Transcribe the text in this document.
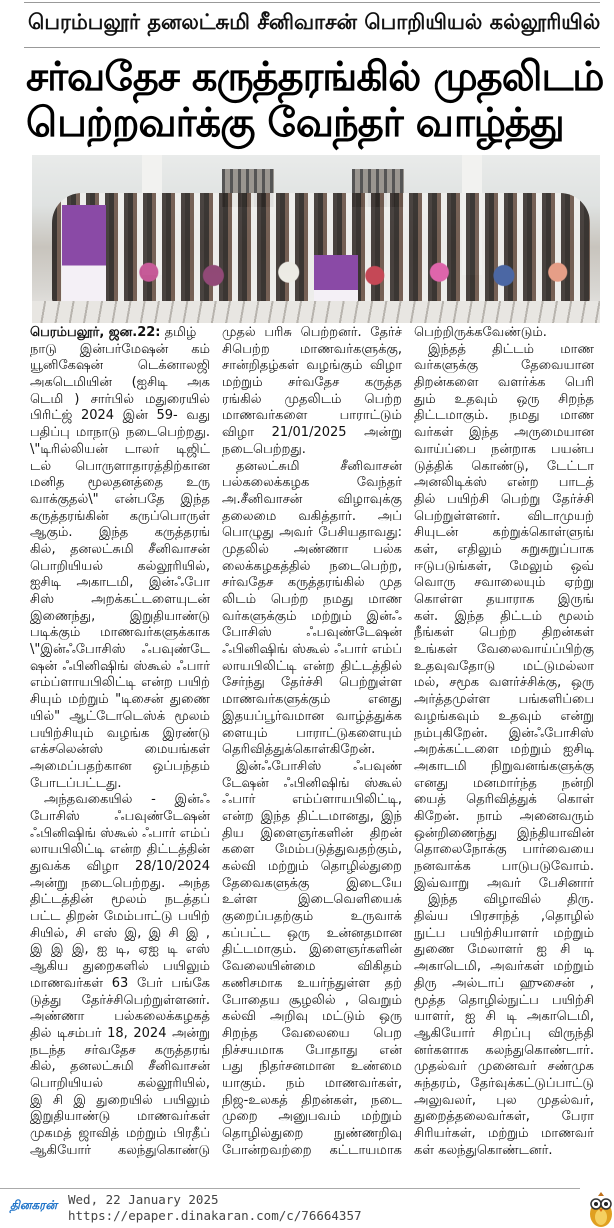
பெரம்பலூர் தனலட்சுமி சீனிவாசன் பொறியியல் கல்லூரியில்
சர்வதேச கருத்தரங்கில் முதலிடம்
பெற்றவர்க்கு வேந்தர் வாழ்த்து
பெரம்பலூர், ஜன.22: தமிழ்
நாடு இன்பர்மேஷன் கம்
யூனிகேஷன் டெக்னாலஜி
அகடெமியின் (ஐசிடி அக
டெமி ) சார்பில் மதுரையில்
பிரிட்ஜ் 2024 இன் 59- வது
பதிப்பு மாநாடு நடைபெற்றது.
\"டிரில்லியன் டாலர் டிஜிட்
டல் பொருளாதாரத்திற்கான
மனித மூலதனத்தை உரு
வாக்குதல்\" என்பதே இந்த
கருத்தரங்கின் கருப்பொருள்
ஆகும். இந்த கருத்தரங்
கில், தனலட்சுமி சீனிவாசன்
பொறியியல் கல்லூரியில்,
ஐசிடி அகாடமி, இன்ஃபோ
சிஸ் அறக்கட்டளையுடன்
இணைந்து, இறுதியாண்டு
படிக்கும் மாணவர்களுக்காக
\"இன்ஃபோசிஸ் ஃபவுண்டே
ஷன் ஃபினிஷிங் ஸ்கூல் ஃபார்
எம்ப்ளாயபிலிட்டி என்ற பயிற்
சியும் மற்றும் "டிசைன் துணை
யில்" ஆட்டோடெஸ்க் மூலம்
பயிற்சியும் வழங்க இரண்டு
எக்சலென்ஸ் மையங்கள்
அமைப்பதற்கான ஒப்பந்தம்
போடப்பட்டது.
அந்தவகையில் - இன்ஃ
போசிஸ் ஃபவுண்டேஷன்
ஃபினிஷிங் ஸ்கூல் ஃபார் எம்ப்
லாயபிலிட்டி என்ற திட்டத்தின்
துவக்க விழா 28/10/2024
அன்று நடைபெற்றது. அந்த
திட்டத்தின் மூலம் நடத்தப்
பட்ட திறன் மேம்பாட்டு பயிற்
சியில், சி எஸ் இ, இ சி இ ,
இ இ இ, ஐ டி, ஏஐ டி எஸ்
ஆகிய துறைகளில் பயிலும்
மாணவர்கள் 63 பேர் பங்கே
டுத்து தேர்ச்சிபெற்றுள்ளனர்.
அண்ணா பல்கலைக்கழகத்
தில் டிசம்பர் 18, 2024 அன்று
நடந்த சர்வதேச கருத்தரங்
கில், தனலட்சுமி சீனிவாசன்
பொறியியல் கல்லூரியில்,
இ சி இ துறையில் பயிலும்
இறுதியாண்டு மாணவர்கள்
முகமத் ஜாவித் மற்றும் பிரதீப்
ஆகியோர் கலந்துகொண்டு
முதல் பரிசு பெற்றனர். தேர்ச்
சிபெற்ற மாணவர்களுக்கு,
சான்றிதழ்கள் வழங்கும் விழா
மற்றும் சர்வதேச கருத்த
ரங்கில் முதலிடம் பெற்ற
மாணவர்களை பாராட்டும்
விழா 21/01/2025 அன்று
நடைபெற்றது.
தனலட்சுமி சீனிவாசன்
பல்கலைக்கழக வேந்தர்
அ.சீனிவாசன் விழாவுக்கு
தலைமை வகித்தார். அப்
பொழுது அவர் பேசியதாவது:
முதலில் அண்ணா பல்க
லைக்கழகத்தில் நடைபெற்ற,
சர்வதேச கருத்தரங்கில் முத
லிடம் பெற்ற நமது மாண
வர்களுக்கும் மற்றும் இன்ஃ
போசிஸ் ஃபவுண்டேஷன்
ஃபினிஷிங் ஸ்கூல் ஃபார் எம்ப்
லாயபிலிட்டி என்ற திட்டத்தில்
சேர்ந்து தேர்ச்சி பெற்றுள்ள
மாணவர்களுக்கும் எனது
இதயப்பூர்வமான வாழ்த்துக்க
ளையும் பாராட்டுகளையும்
தெரிவித்துக்கொள்கிறேன்.
இன்ஃபோசிஸ் ஃபவுண்
டேஷன் ஃபினிஷிங் ஸ்கூல்
ஃபார் எம்ப்ளாயபிலிட்டி,
என்ற இந்த திட்டமானது, இந்
திய இளைஞர்களின் திறன்
களை மேம்படுத்துவதற்கும்,
கல்வி மற்றும் தொழில்துறை
தேவைகளுக்கு இடையே
உள்ள இடைவெளியைக்
குறைப்பதற்கும் உருவாக்
கப்பட்ட ஒரு உன்னதமான
திட்டமாகும். இளைஞர்களின்
வேலையின்மை விகிதம்
கணிசமாக உயர்ந்துள்ள தற்
போதைய சூழலில் , வெறும்
கல்வி அறிவு மட்டும் ஒரு
சிறந்த வேலையை பெற
நிச்சயமாக போதாது என்
பது நிதர்சனமான உண்மை
யாகும். நம் மாணவர்கள்,
நிஜ-உலகத் திறன்கள், நடை
முறை அனுபவம் மற்றும்
தொழில்துறை நுண்ணறிவு
போன்றவற்றை கட்டாயமாக
பெற்றிருக்கவேண்டும்.
இந்தத் திட்டம் மாண
வர்களுக்கு தேவையான
திறன்களை வளர்க்க பெரி
தும் உதவும் ஒரு சிறந்த
திட்டமாகும். நமது மாண
வர்கள் இந்த அருமையான
வாய்ப்பை நன்றாக பயன்ப
டுத்திக் கொண்டு, டேட்டா
அனலிடிக்ஸ் என்ற பாடத்
தில் பயிற்சி பெற்று தேர்ச்சி
பெற்றுள்ளனர். விடாமுயற்
சியுடன் கற்றுக்கொள்ளுங்
கள், எதிலும் சுறுசுறுப்பாக
ஈடுபடுங்கள், மேலும் ஒவ்
வொரு சவாலையும் ஏற்று
கொள்ள தயாராக இருங்
கள். இந்த திட்டம் மூலம்
நீங்கள் பெற்ற திறன்கள்
உங்கள் வேலைவாய்ப்பிற்கு
உதவுவதோடு மட்டுமல்லா
மல், சமூக வளர்ச்சிக்கு, ஒரு
அர்த்தமுள்ள பங்களிப்பை
வழங்கவும் உதவும் என்று
நம்புகிறேன். இன்ஃபோசிஸ்
அறக்கட்டளை மற்றும் ஐசிடி
அகாடமி நிறுவனங்களுக்கு
எனது மனமார்ந்த நன்றி
யைத் தெரிவித்துக் கொள்
கிறேன். நாம் அனைவரும்
ஒன்றிணைந்து இந்தியாவின்
தொலைநோக்கு பார்வையை
நனவாக்க பாடுபடுவோம்.
இவ்வாறு அவர் பேசினார்
இந்த விழாவில் திரு.
திவ்ய பிரசாந்த் ,தொழில்
நுட்ப பயிற்சியாளர் மற்றும்
துணை மேலாளர் ஐ சி டி
அகாடெமி, அவர்கள் மற்றும்
திரு அல்டாப் ஹுசைன் ,
மூத்த தொழில்நுட்ப பயிற்சி
யாளர், ஐ சி டி அகாடெமி,
ஆகியோர் சிறப்பு விருந்தி
னர்களாக கலந்துகொண்டார்.
முதல்வர் முனைவர் சண்முக
சுந்தரம், தேர்வுக்கட்டுப்பாட்டு
அலுவலர், புல முதல்வர்,
துறைத்தலைவர்கள், பேரா
சிரியர்கள், மற்றும் மாணவர்
கள் கலந்துகொண்டனர்.
தினகரன் Wed, 22 January 2025
https://epaper.dinakaran.com/c/76664357
